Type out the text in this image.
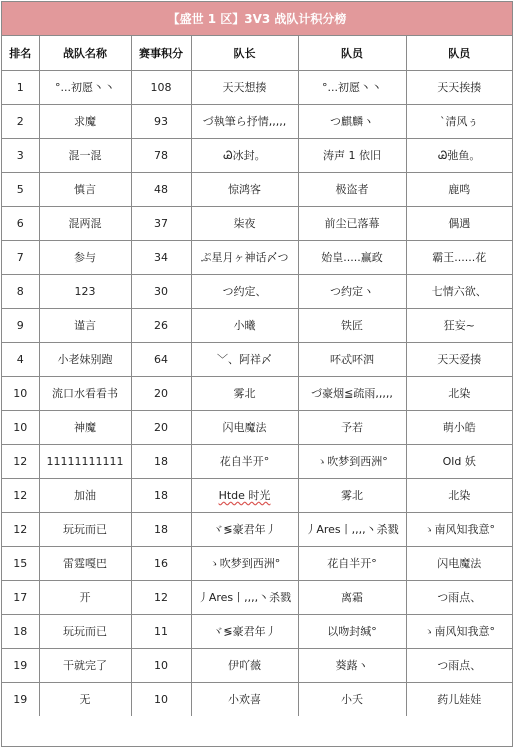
【盛世 1 区】3V3 战队计积分榜
排名	战队名称	赛事积分	队长	队员	队员
1	°...初愿丶丶	108	天天想揍	°...初愿丶丶	天天挨揍
2	求魔	93	づ執筆ら抒情,,,,,	つ麒麟ヽ	ˋ清风ぅ
3	混一混	78	Ꮚ冰封。	涛声 1 依旧	Ꮚ弛鱼。
5	慎言	48	惊鸿客	极盗者	鹿鸣
6	混两混	37	柒夜	前尘已落幕	偶遇
7	参与	34	ぷ星月ヶ神话〆つ	始皇.....赢政	霸王......花
8	123	30	つ约定、	つ约定ヽ	七情六欲、
9	谨言	26	小曦	铁匠	狂妄~
4	小老妹别跑	64	﹀、阿祥〆	吥忒吥泗	天天爱揍
10	流口水看看书	20	雾北	づ豪烟≦疏雨,,,,,	北染
10	神魔	20	闪电魔法	予若	萌小皓
12	11111111111	18	花自半开°	ゝ吹梦到西洲°	Old 妖
12	加油	18	Htde 时光	雾北	北染
12	玩玩而已	18	ヾ≶豪君年丿	丿Ares丨,,,,丶杀戮	ゝ南风知我意°
15	雷霆嘎巴	16	ゝ吹梦到西洲°	花自半开°	闪电魔法
17	开	12	丿Ares丨,,,,丶杀戮	离霜	つ雨点、
18	玩玩而已	11	ヾ≶豪君年丿	以吻封缄°	ゝ南风知我意°
19	干就完了	10	伊吖薇	葵蕗ヽ	つ雨点、
19	无	10	小欢喜	小夭	药儿娃娃
